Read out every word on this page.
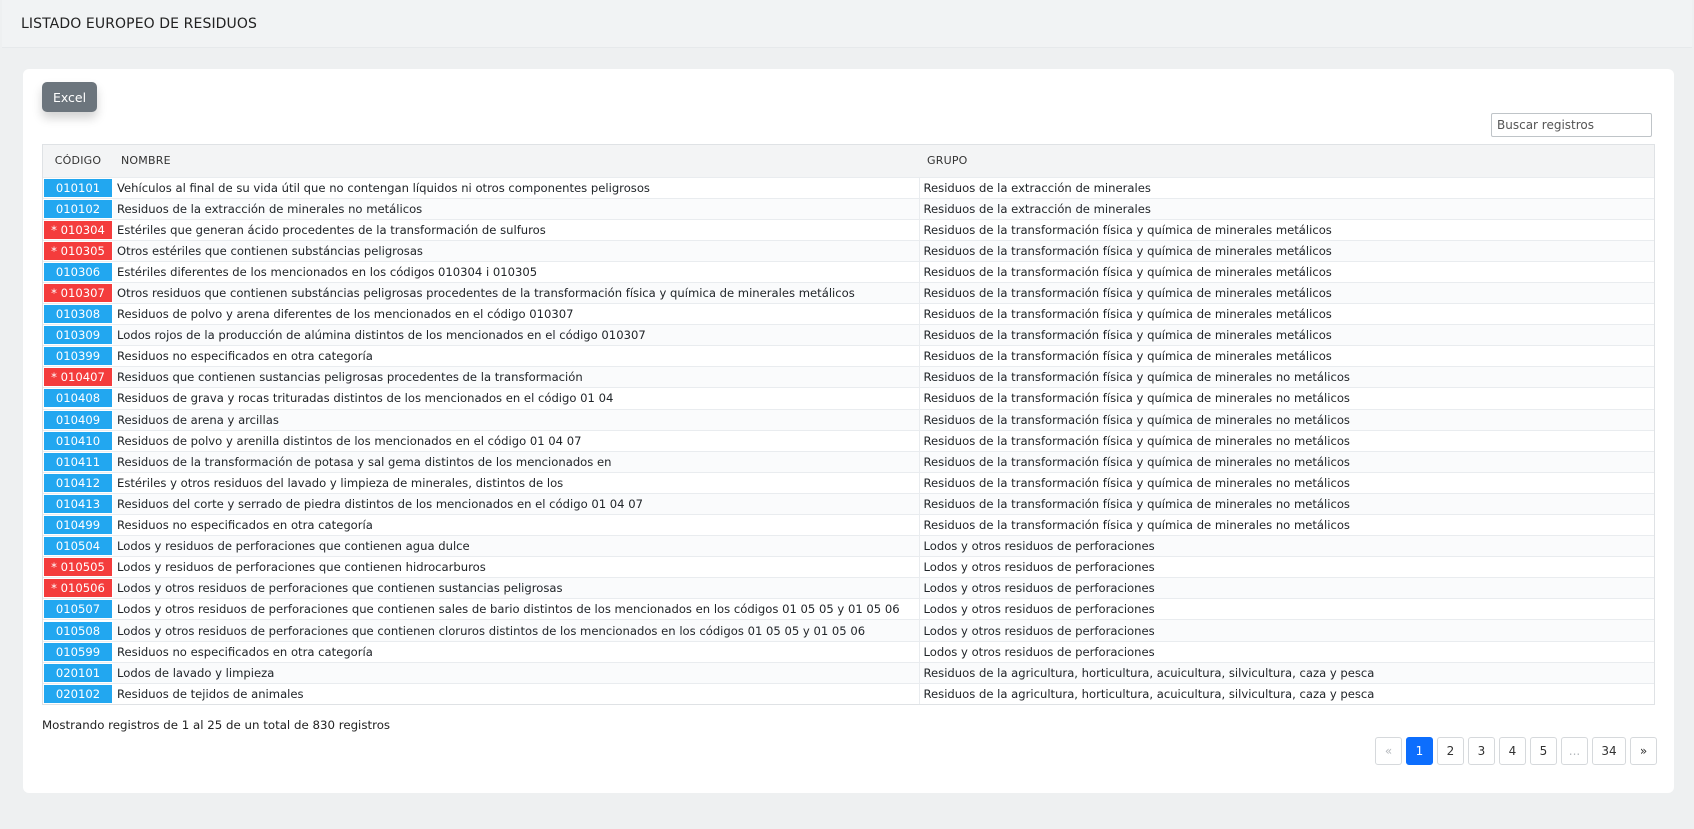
LISTADO EUROPEO DE RESIDUOS
Excel
Buscar registros
CÓDIGO	NOMBRE	GRUPO

010101	Vehículos al final de su vida útil que no contengan líquidos ni otros componentes peligrosos	Residuos de la extracción de minerales

010102	Residuos de la extracción de minerales no metálicos	Residuos de la extracción de minerales

* 010304	Estériles que generan ácido procedentes de la transformación de sulfuros	Residuos de la transformación física y química de minerales metálicos

* 010305	Otros estériles que contienen substáncias peligrosas	Residuos de la transformación física y química de minerales metálicos

010306	Estériles diferentes de los mencionados en los códigos 010304 i 010305	Residuos de la transformación física y química de minerales metálicos

* 010307	Otros residuos que contienen substáncias peligrosas procedentes de la transformación física y química de minerales metálicos	Residuos de la transformación física y química de minerales metálicos

010308	Residuos de polvo y arena diferentes de los mencionados en el código 010307	Residuos de la transformación física y química de minerales metálicos

010309	Lodos rojos de la producción de alúmina distintos de los mencionados en el código 010307	Residuos de la transformación física y química de minerales metálicos

010399	Residuos no especificados en otra categoría	Residuos de la transformación física y química de minerales metálicos

* 010407	Residuos que contienen sustancias peligrosas procedentes de la transformación	Residuos de la transformación física y química de minerales no metálicos

010408	Residuos de grava y rocas trituradas distintos de los mencionados en el código 01 04	Residuos de la transformación física y química de minerales no metálicos

010409	Residuos de arena y arcillas	Residuos de la transformación física y química de minerales no metálicos

010410	Residuos de polvo y arenilla distintos de los mencionados en el código 01 04 07	Residuos de la transformación física y química de minerales no metálicos

010411	Residuos de la transformación de potasa y sal gema distintos de los mencionados en	Residuos de la transformación física y química de minerales no metálicos

010412	Estériles y otros residuos del lavado y limpieza de minerales, distintos de los	Residuos de la transformación física y química de minerales no metálicos

010413	Residuos del corte y serrado de piedra distintos de los mencionados en el código 01 04 07	Residuos de la transformación física y química de minerales no metálicos

010499	Residuos no especificados en otra categoría	Residuos de la transformación física y química de minerales no metálicos

010504	Lodos y residuos de perforaciones que contienen agua dulce	Lodos y otros residuos de perforaciones

* 010505	Lodos y residuos de perforaciones que contienen hidrocarburos	Lodos y otros residuos de perforaciones

* 010506	Lodos y otros residuos de perforaciones que contienen sustancias peligrosas	Lodos y otros residuos de perforaciones

010507	Lodos y otros residuos de perforaciones que contienen sales de bario distintos de los mencionados en los códigos 01 05 05 y 01 05 06	Lodos y otros residuos de perforaciones

010508	Lodos y otros residuos de perforaciones que contienen cloruros distintos de los mencionados en los códigos 01 05 05 y 01 05 06	Lodos y otros residuos de perforaciones

010599	Residuos no especificados en otra categoría	Lodos y otros residuos de perforaciones

020101	Lodos de lavado y limpieza	Residuos de la agricultura, horticultura, acuicultura, silvicultura, caza y pesca

020102	Residuos de tejidos de animales	Residuos de la agricultura, horticultura, acuicultura, silvicultura, caza y pesca
Mostrando registros de 1 al 25 de un total de 830 registros
«	1	2	3	4	5	...	34	»
